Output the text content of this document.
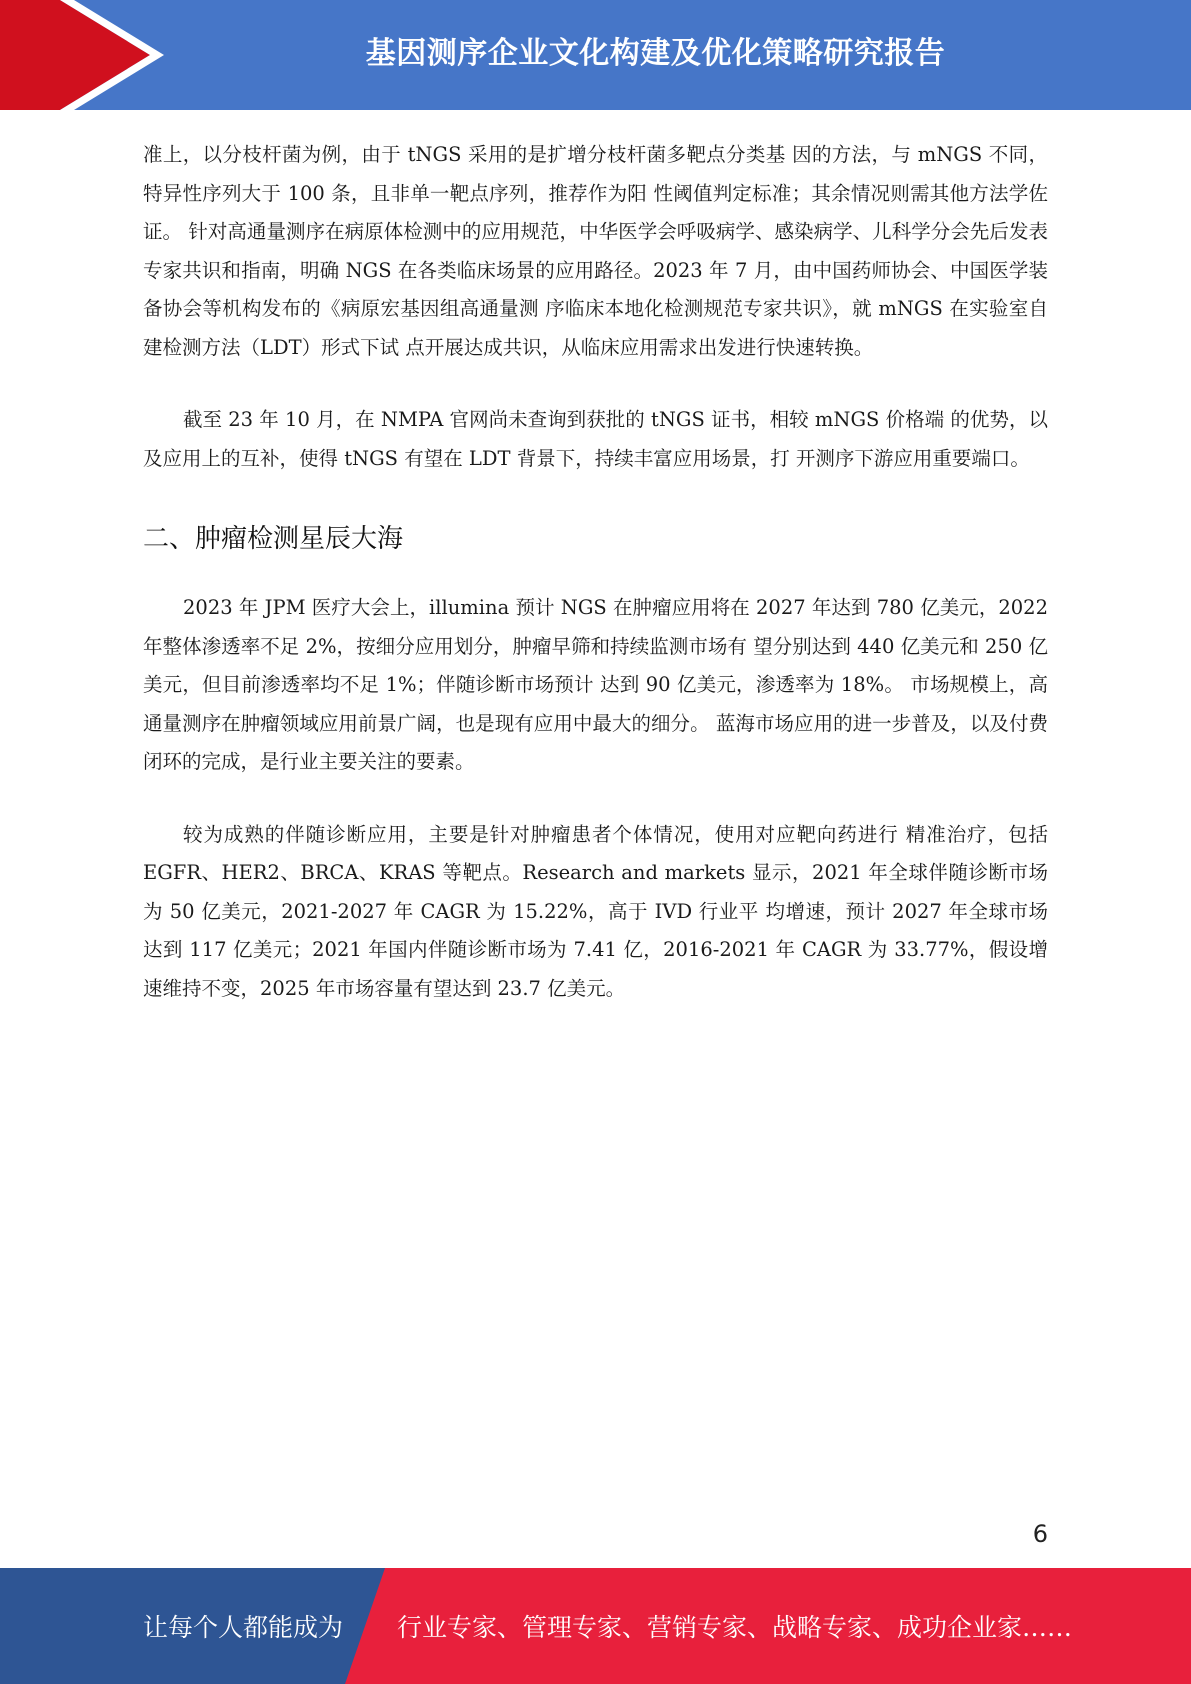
基因测序企业文化构建及优化策略研究报告

准上，以分枝杆菌为例，由于 tNGS 采用的是扩增分枝杆菌多靶点分类基 因的方法，与 mNGS 不同，特异性序列大于 100 条，且非单一靶点序列，推荐作为阳 性阈值判定标准；其余情况则需其他方法学佐证。 针对高通量测序在病原体检测中的应用规范，中华医学会呼吸病学、感染病学、儿科学分会先后发表专家共识和指南，明确 NGS 在各类临床场景的应用路径。2023 年 7 月，由中国药师协会、中国医学装备协会等机构发布的《病原宏基因组高通量测 序临床本地化检测规范专家共识》，就 mNGS 在实验室自建检测方法（LDT）形式下试 点开展达成共识，从临床应用需求出发进行快速转换。

截至 23 年 10 月，在 NMPA 官网尚未查询到获批的 tNGS 证书，相较 mNGS 价格端 的优势，以及应用上的互补，使得 tNGS 有望在 LDT 背景下，持续丰富应用场景，打 开测序下游应用重要端口。

二、肿瘤检测星辰大海

2023 年 JPM 医疗大会上，illumina 预计 NGS 在肿瘤应用将在 2027 年达到 780 亿美元，2022 年整体渗透率不足 2%，按细分应用划分，肿瘤早筛和持续监测市场有 望分别达到 440 亿美元和 250 亿美元，但目前渗透率均不足 1%；伴随诊断市场预计 达到 90 亿美元，渗透率为 18%。 市场规模上，高通量测序在肿瘤领域应用前景广阔，也是现有应用中最大的细分。 蓝海市场应用的进一步普及，以及付费闭环的完成，是行业主要关注的要素。

较为成熟的伴随诊断应用，主要是针对肿瘤患者个体情况，使用对应靶向药进行 精准治疗，包括 EGFR、HER2、BRCA、KRAS 等靶点。Research and markets 显示，2021 年全球伴随诊断市场为 50 亿美元，2021-2027 年 CAGR 为 15.22%，高于 IVD 行业平 均增速，预计 2027 年全球市场达到 117 亿美元；2021 年国内伴随诊断市场为 7.41 亿，2016-2021 年 CAGR 为 33.77%，假设增速维持不变，2025 年市场容量有望达到 23.7 亿美元。

6
让每个人都能成为 行业专家、管理专家、营销专家、战略专家、成功企业家……
